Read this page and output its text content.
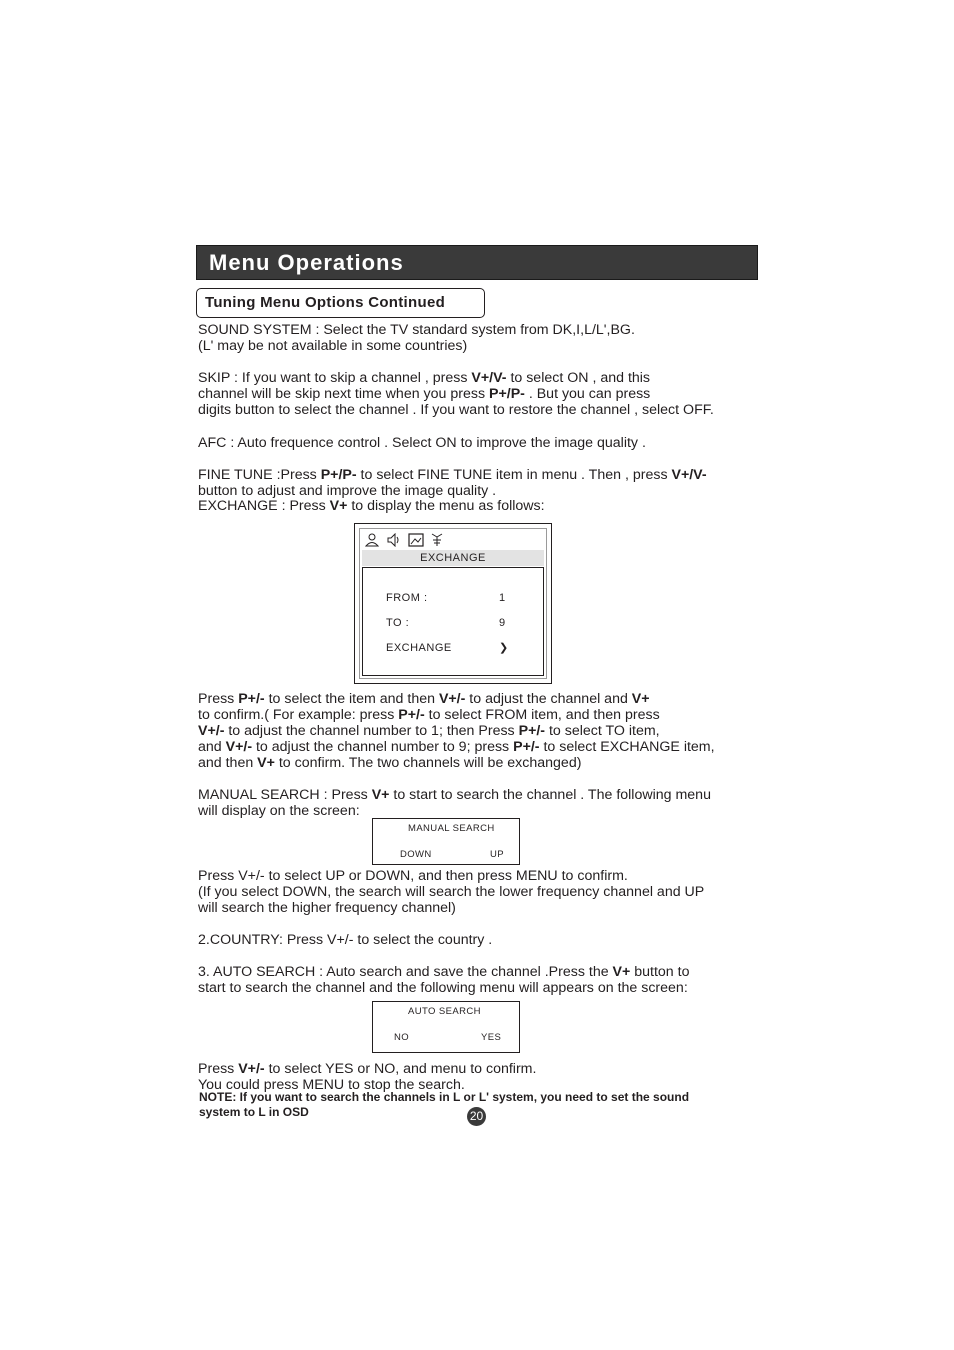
Menu Operations
Tuning Menu Options Continued
SOUND SYSTEM : Select the TV standard system from DK,I,L/L',BG.
(L' may be not available in some countries)
SKIP : If you want to skip a channel , press V+/V- to select ON , and this
channel will be skip next time when you press P+/P- . But you can press
digits button to select the channel . If you want to restore the channel , select OFF.
AFC : Auto frequence control . Select ON to improve the image quality .
FINE TUNE :Press P+/P- to select FINE TUNE item in menu . Then , press V+/V-
button to adjust and improve the image quality .
EXCHANGE : Press V+ to display the menu as follows:
EXCHANGE
FROM :	1
TO :	9
EXCHANGE	❯
Press P+/- to select the item and then V+/- to adjust the channel and V+
to confirm.( For example: press P+/- to select FROM item, and then press
V+/- to adjust the channel number to 1; then Press P+/- to select TO item,
and V+/- to adjust the channel number to 9; press P+/- to select EXCHANGE item,
and then V+ to confirm. The two channels will be exchanged)
MANUAL SEARCH : Press V+ to start to search the channel . The following menu
will display on the screen:
MANUAL SEARCH
DOWN	UP
Press V+/- to select UP or DOWN, and then press MENU to confirm.
(If you select DOWN, the search will search the lower frequency channel and UP
will search the higher frequency channel)
2.COUNTRY: Press V+/- to select the country .
3. AUTO SEARCH : Auto search and save the channel .Press the V+ button to
start to search the channel and the following menu will appears on the screen:
AUTO SEARCH
NO	YES
Press V+/- to select YES or NO, and menu to confirm.
You could press MENU to stop the search.
NOTE: If you want to search the channels in L or L' system, you need to set the sound
system to L in OSD	20
